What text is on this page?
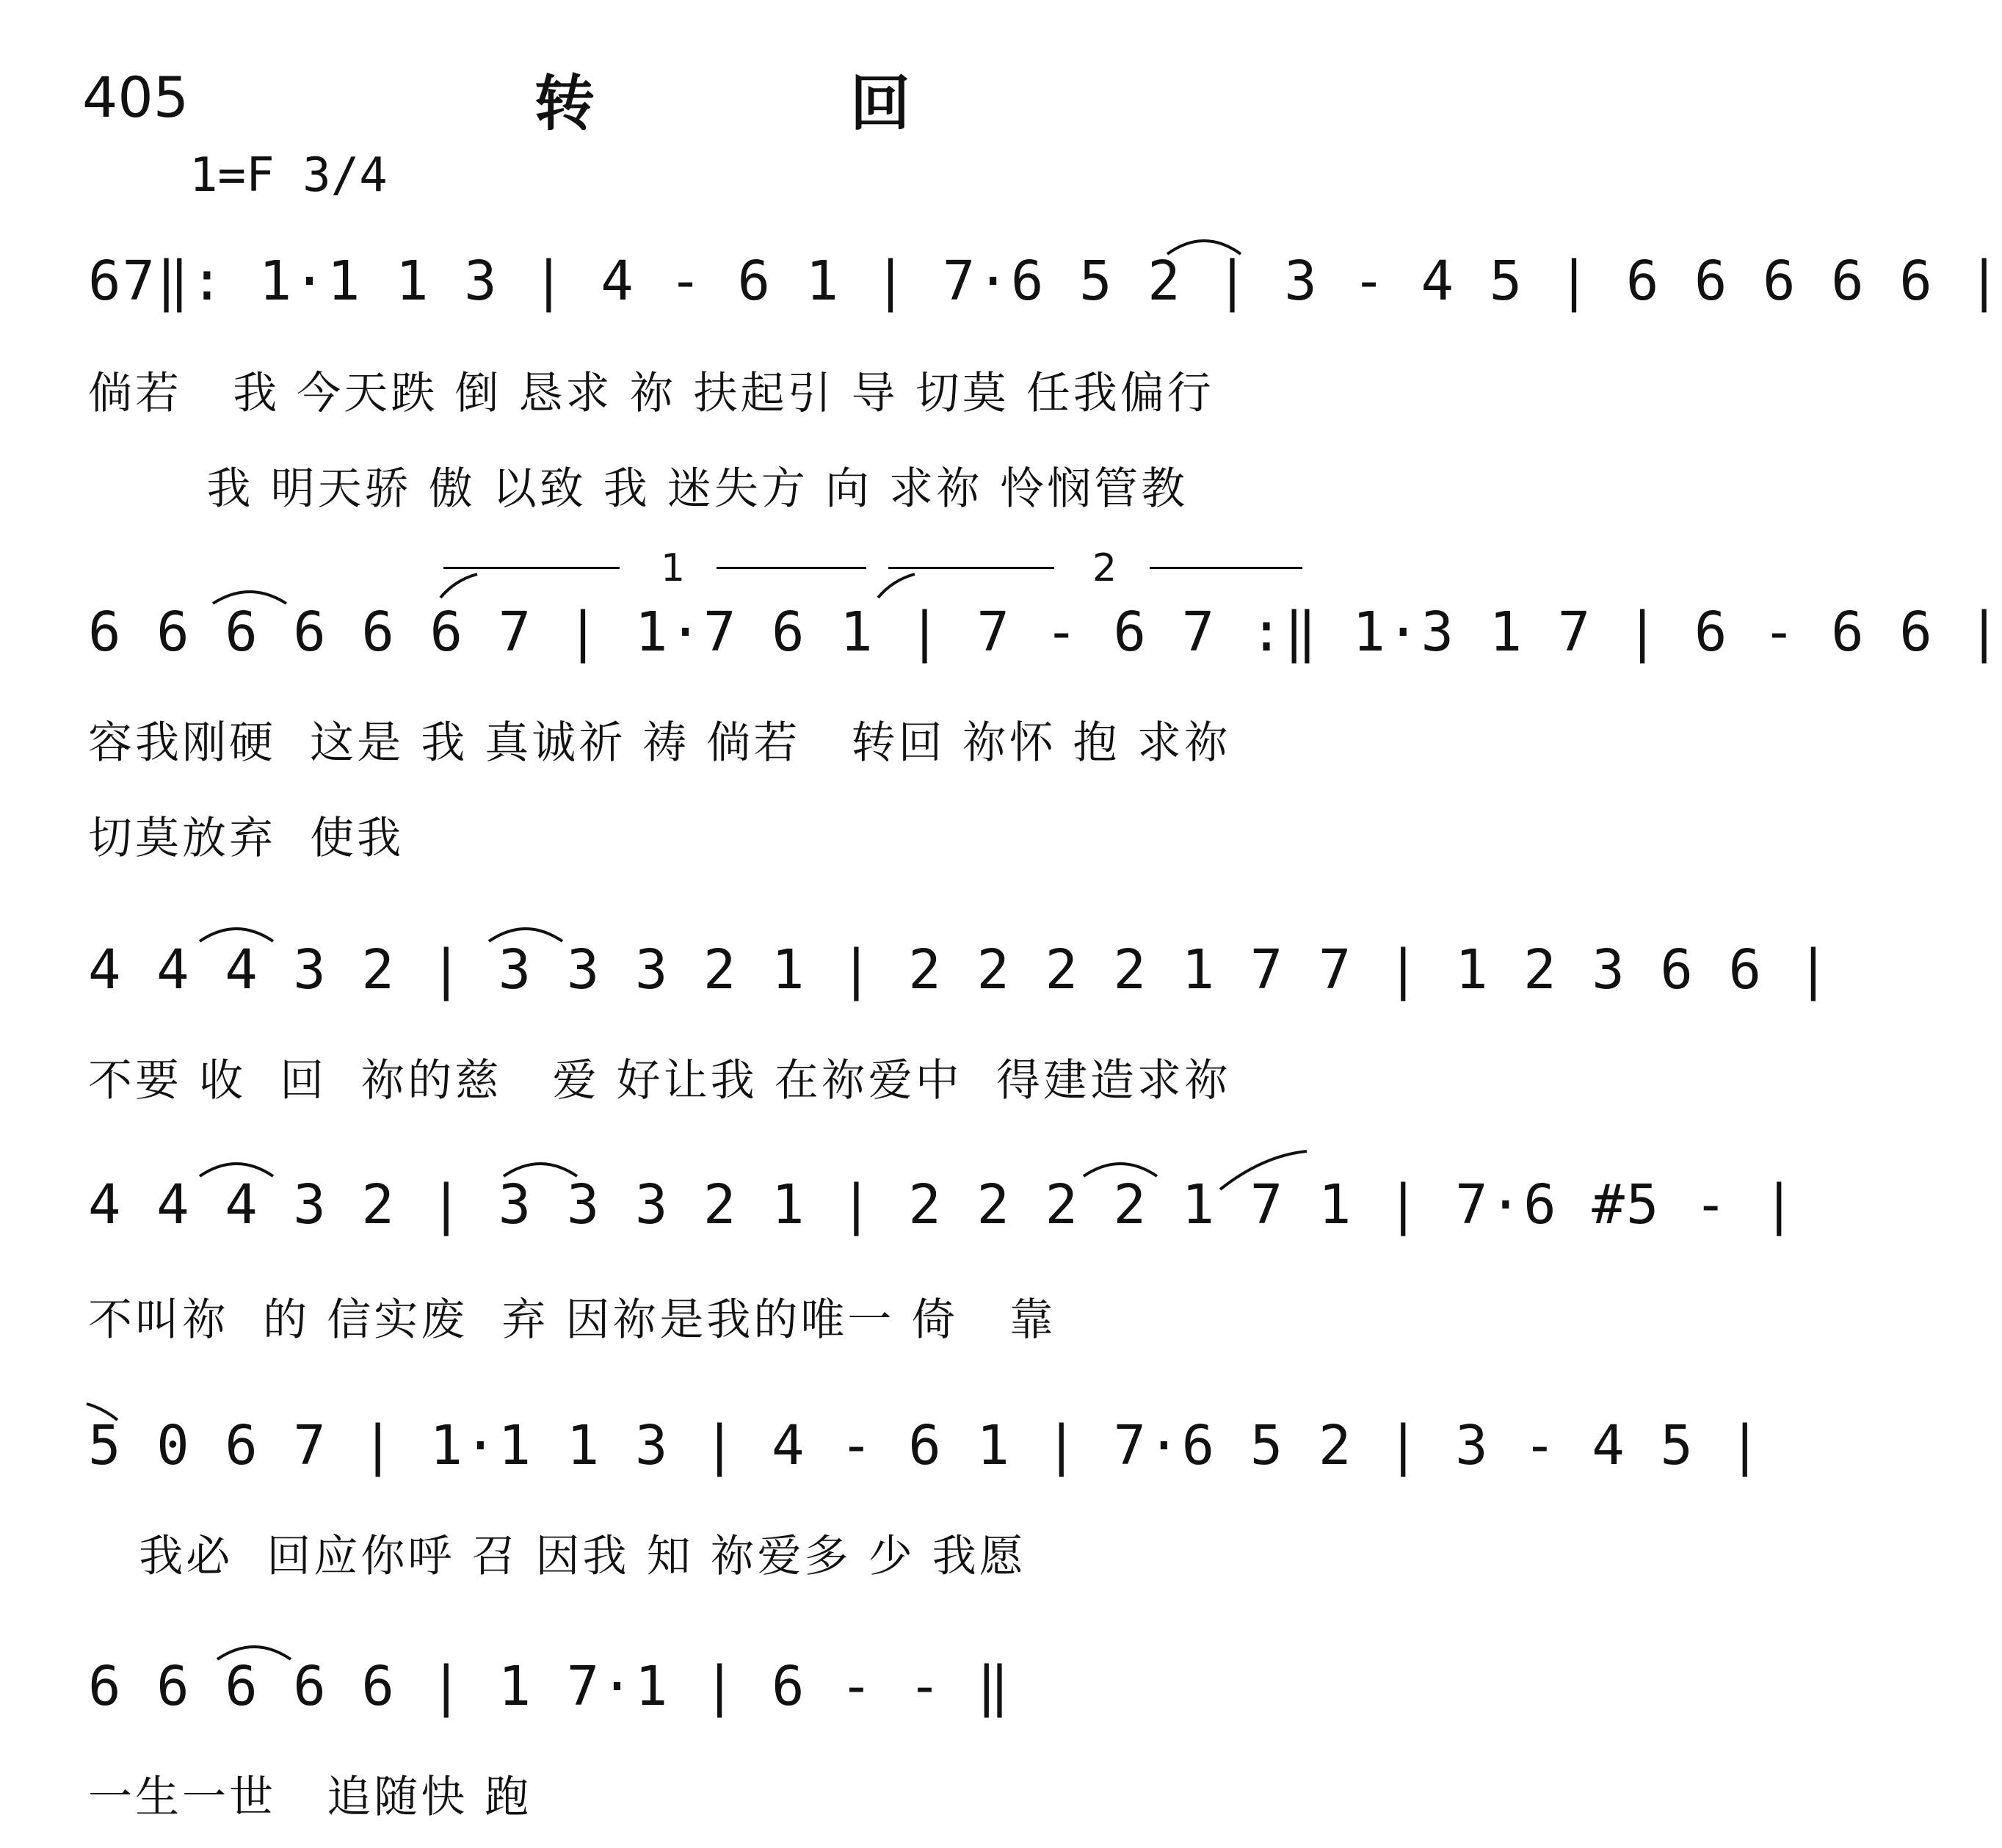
405	转	回
1=F 3/4
67‖: 1·1 1 3 | 4 - 6 1 | 7·6 5 2 | 3 - 4 5 | 6 6 6 6 6 |
倘若   我 今天跌 倒 恳求 祢 扶起引 导 切莫 任我偏行
我 明天骄 傲 以致 我 迷失方 向 求祢 怜悯管教
1	2
6 6 6 6 6 6 7 | 1·7 6 1 | 7 - 6 7 :‖ 1·3 1 7 | 6 - 6 6 |
容我刚硬  这是 我 真诚祈 祷 倘若   转回 祢怀 抱 求祢
切莫放弃  使我
4 4 4 3 2 | 3 3 3 2 1 | 2 2 2 2 1 7 7 | 1 2 3 6 6 |
不要 收  回  祢的慈   爱 好让我 在祢爱中  得建造求祢
4 4 4 3 2 | 3 3 3 2 1 | 2 2 2 2 1 7 1 | 7·6 #5 - |
不叫祢  的 信实废  弃 因祢是我的唯一 倚   靠
5 0 6 7 | 1·1 1 3 | 4 - 6 1 | 7·6 5 2 | 3 - 4 5 |
我必  回应你呼 召 因我 知 祢爱多 少 我愿
6 6 6 6 6 | 1 7·1 | 6 - - ‖
一生一世   追随快 跑
